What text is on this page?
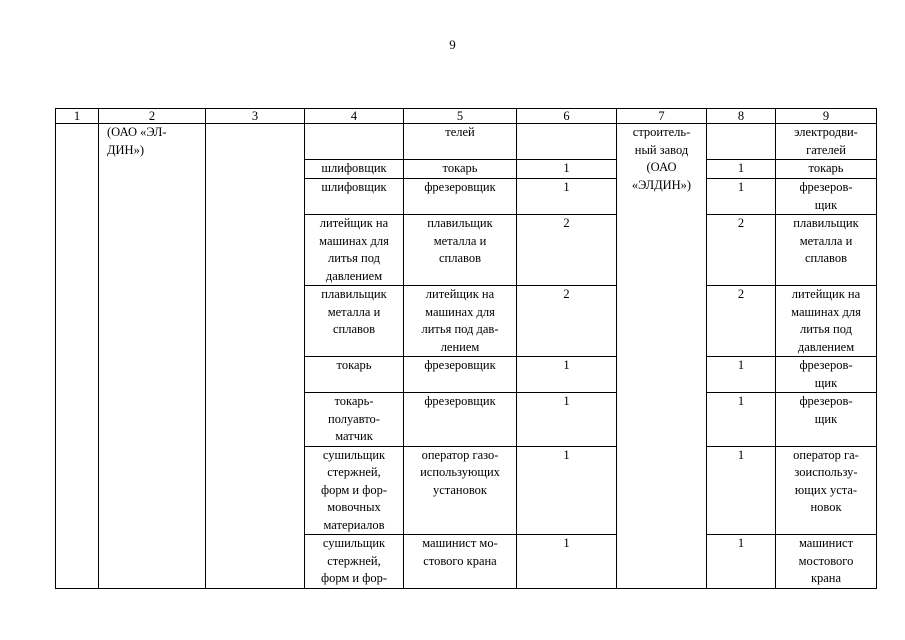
9
1	2	3	4	5	6	7	8	9

	(ОАО «ЭЛ-
ДИН»)			телей		строитель-
ный завод
(ОАО
«ЭЛДИН»)		электродви-
гателей

			шлифовщик	токарь	1		1	токарь

			шлифовщик	фрезеровщик	1		1	фрезеров-
щик

			литейщик на
машинах для
литья под
давлением	плавильщик
металла и
сплавов	2		2	плавильщик
металла и
сплавов

			плавильщик
металла и
сплавов	литейщик на
машинах для
литья под дав-
лением	2		2	литейщик на
машинах для
литья под
давлением

			токарь	фрезеровщик	1		1	фрезеров-
щик

			токарь-
полуавто-
матчик	фрезеровщик	1		1	фрезеров-
щик

			сушильщик
стержней,
форм и фор-
мовочных
материалов	оператор газо-
использующих
установок	1		1	оператор га-
зоиспользу-
ющих уста-
новок

			сушильщик
стержней,
форм и фор-	машинист мо-
стового крана	1		1	машинист
мостового
крана
